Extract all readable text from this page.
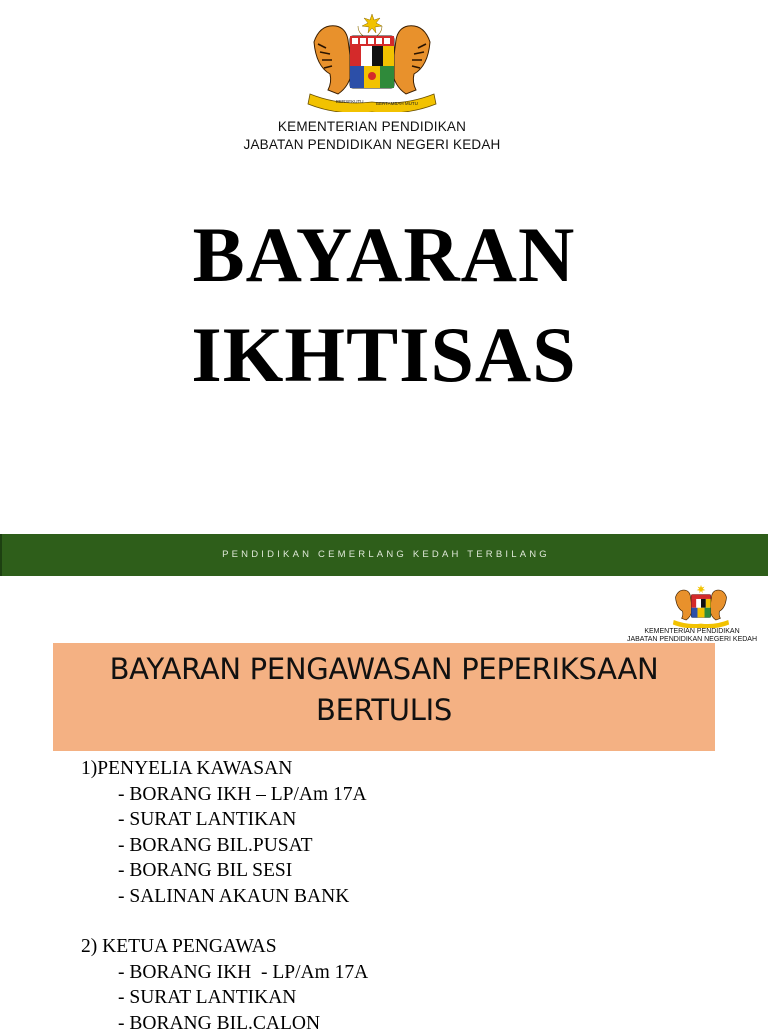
BERSEKUTU	BERTAMBAH MUTU
KEMENTERIAN PENDIDIKAN
JABATAN PENDIDIKAN NEGERI KEDAH
BAYARAN
IKHTISAS
PENDIDIKAN CEMERLANG KEDAH TERBILANG
KEMENTERIAN PENDIDIKAN
JABATAN PENDIDIKAN NEGERI KEDAH
BAYARAN PENGAWASAN PEPERIKSAAN
BERTULIS
1)PENYELIA KAWASAN
- BORANG IKH – LP/Am 17A
- SURAT LANTIKAN
- BORANG BIL.PUSAT
- BORANG BIL SESI
- SALINAN AKAUN BANK
2) KETUA PENGAWAS
- BORANG IKH  - LP/Am 17A
- SURAT LANTIKAN
- BORANG BIL.CALON
